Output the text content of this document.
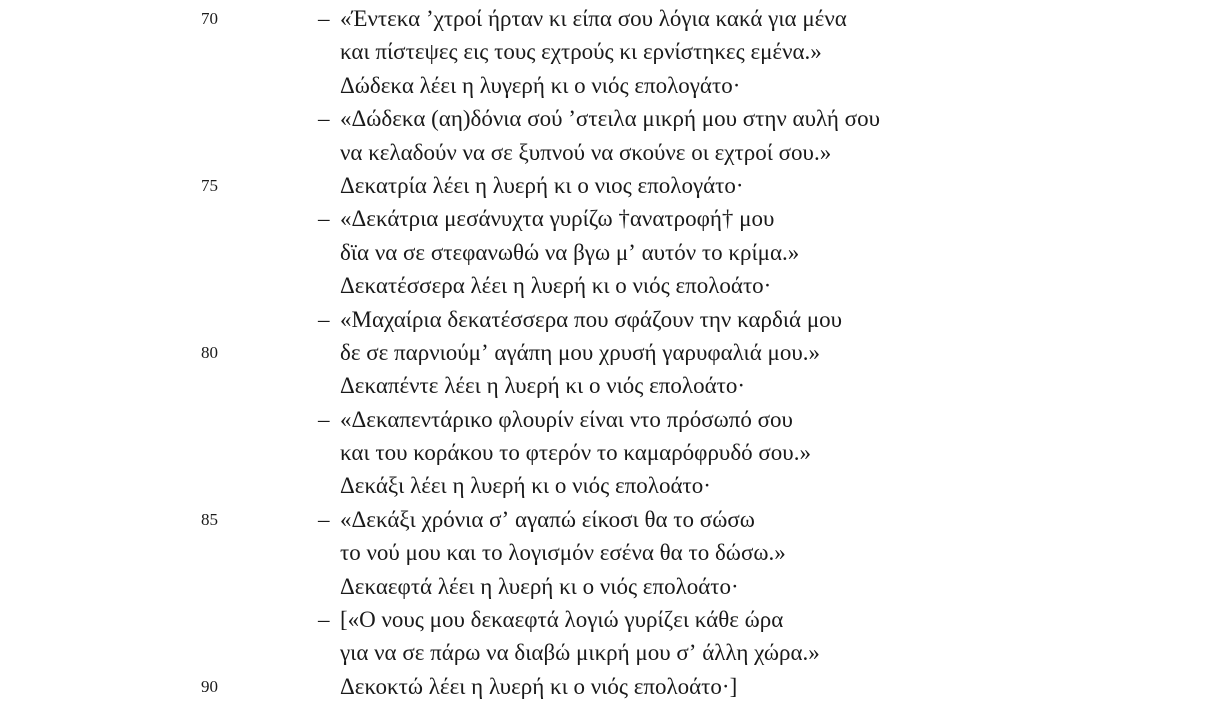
70	– «Έντεκα ʼχτροί ήρταν κι είπα σου λόγια κακά για μένα
και πίστεψες εις τους εχτρούς κι ερνίστηκες εμένα.»
Δώδεκα λέει η λυγερή κι ο νιός επολογάτο·
– «Δώδεκα (αη)δόνια σού ʼστειλα μικρή μου στην αυλή σου
να κελαδούν να σε ξυπνού να σκούνε οι εχτροί σου.»
75	Δεκατρία λέει η λυερή κι ο νιος επολογάτο·
– «Δεκάτρια μεσάνυχτα γυρίζω †ανατροφή† μου
δϊα να σε στεφανωθώ να βγω μʼ αυτόν το κρίμα.»
Δεκατέσσερα λέει η λυερή κι ο νιός επολοάτο·
– «Μαχαίρια δεκατέσσερα που σφάζουν την καρδιά μου
80	δε σε παρνιούμʼ αγάπη μου χρυσή γαρυφαλιά μου.»
Δεκαπέντε λέει η λυερή κι ο νιός επολοάτο·
– «Δεκαπεντάρικο φλουρίν είναι ντο πρόσωπό σου
και του κοράκου το φτερόν το καμαρόφρυδό σου.»
Δεκάξι λέει η λυερή κι ο νιός επολοάτο·
85	– «Δεκάξι χρόνια σʼ αγαπώ είκοσι θα το σώσω
το νού μου και το λογισμόν εσένα θα το δώσω.»
Δεκαεφτά λέει η λυερή κι ο νιός επολοάτο·
– [«Ο νους μου δεκαεφτά λογιώ γυρίζει κάθε ώρα
για να σε πάρω να διαβώ μικρή μου σʼ άλλη χώρα.»
90	Δεκοκτώ λέει η λυερή κι ο νιός επολοάτο·]
